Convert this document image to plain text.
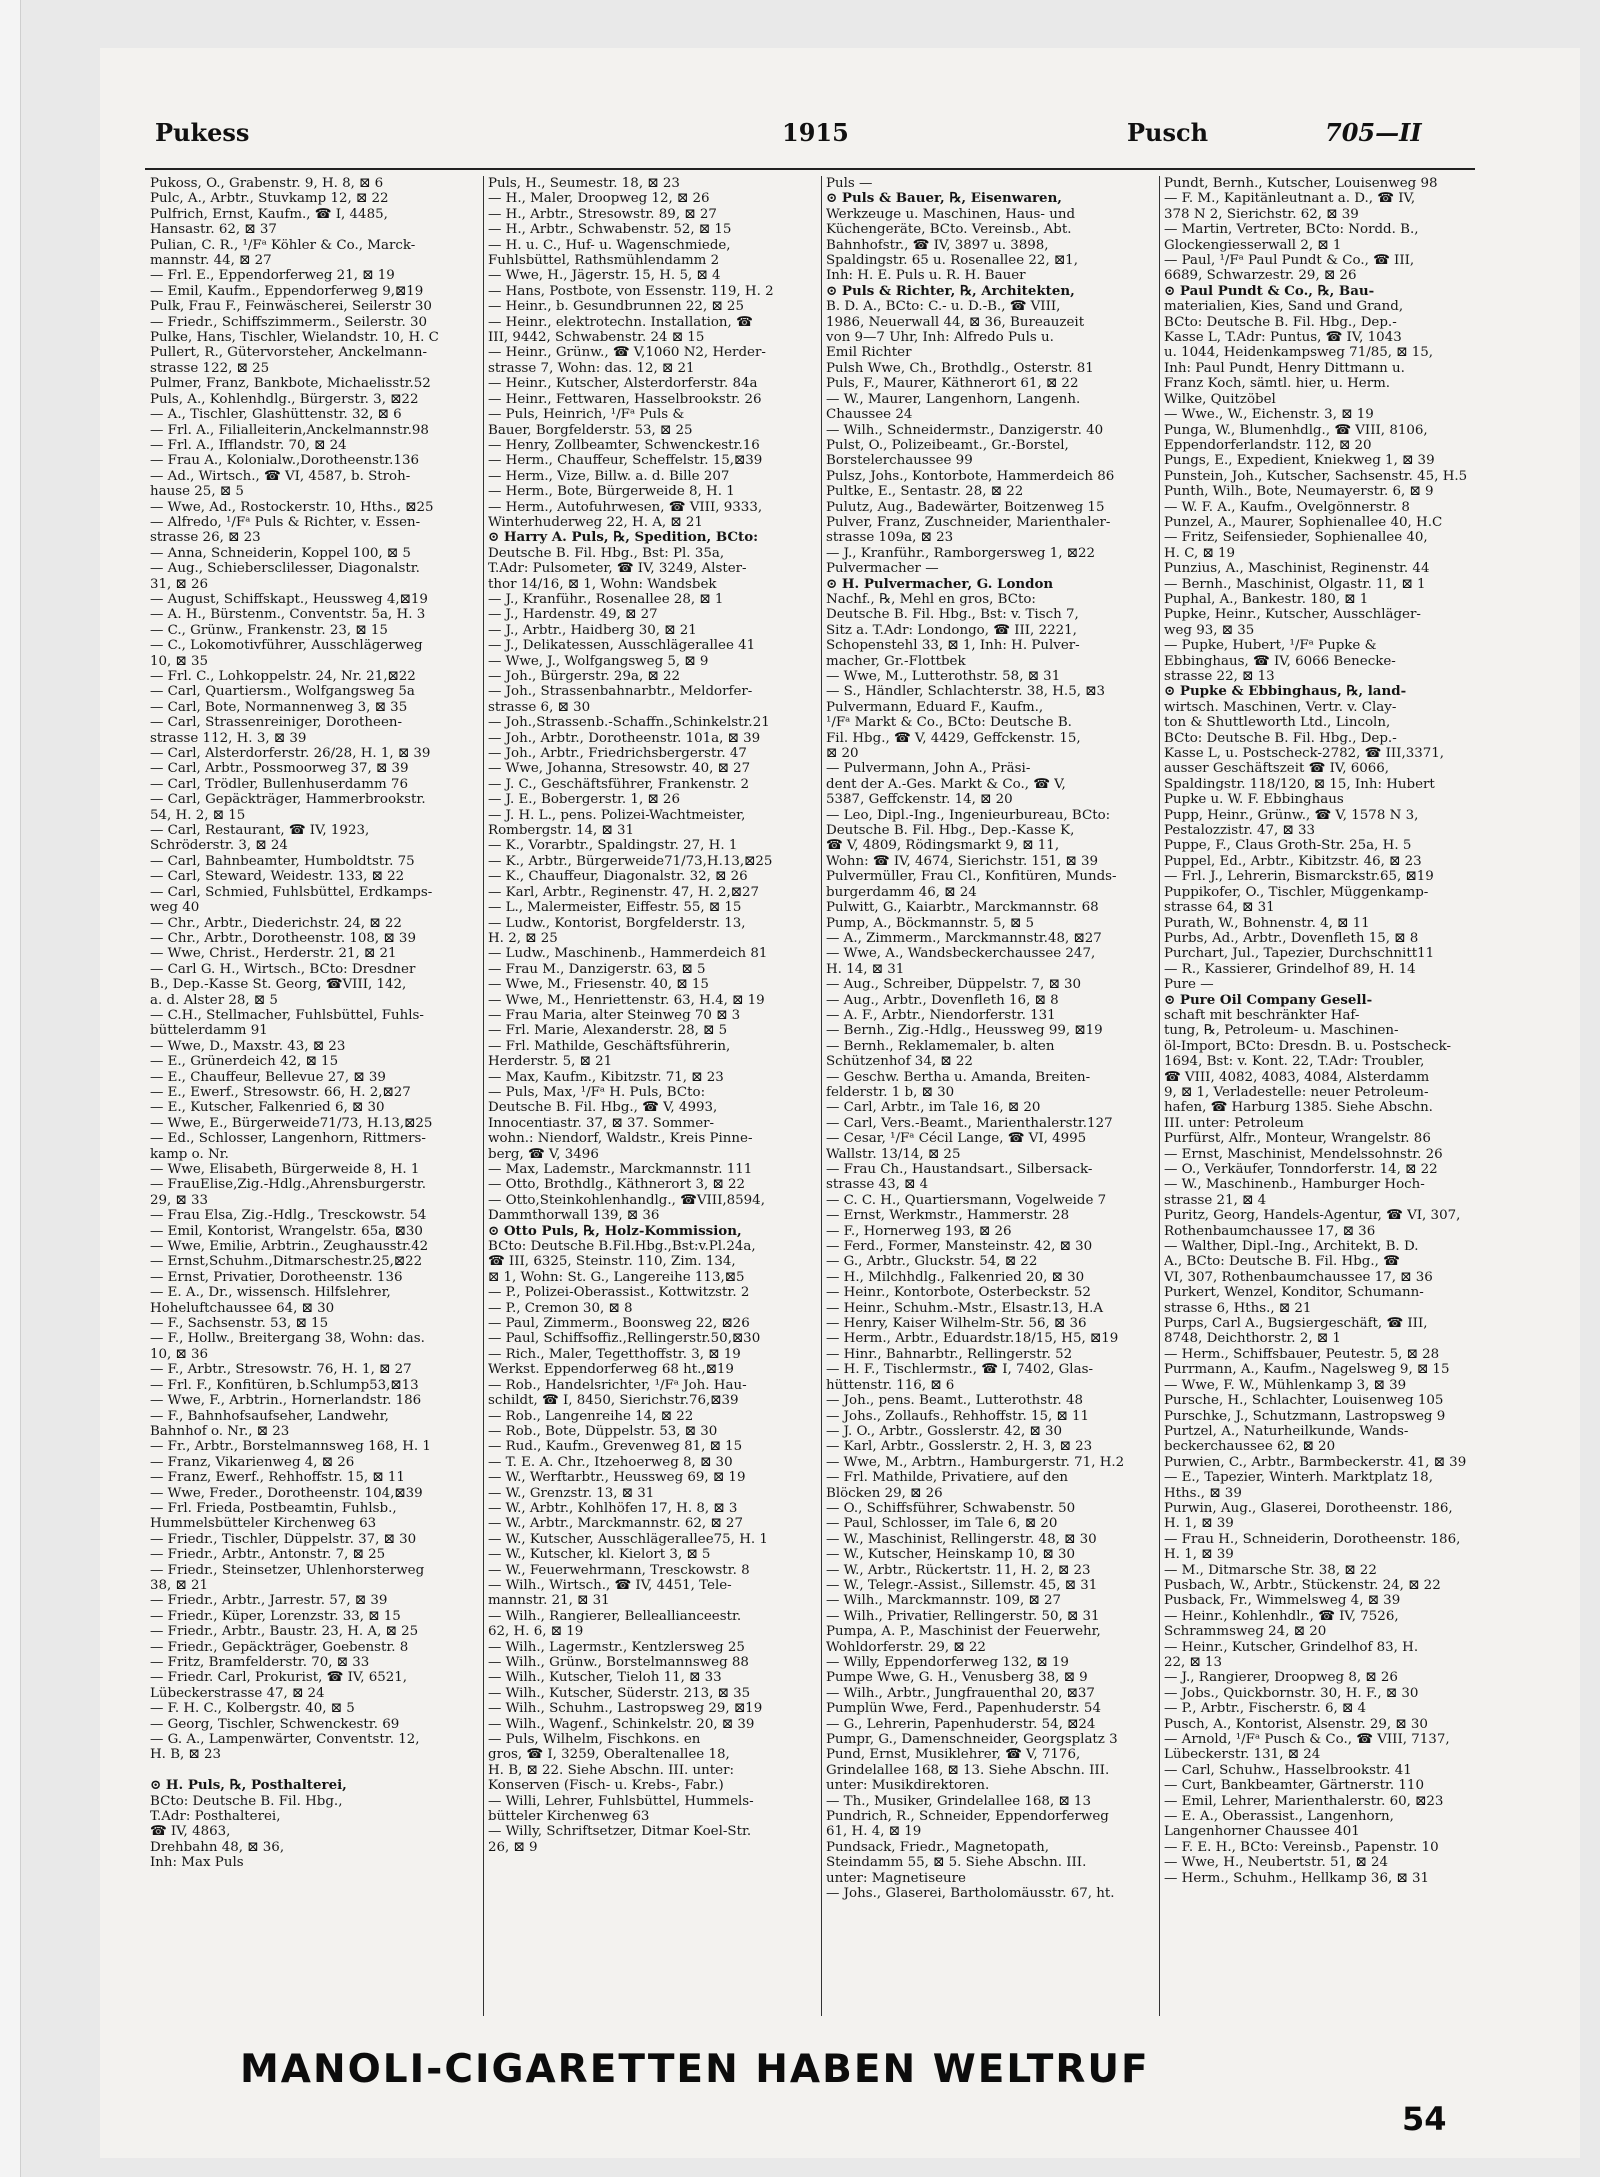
Pukess	1915	Pusch	705—II

Pukoss, O., Grabenstr. 9, H. 8, ⊠ 6

Pulc, A., Arbtr., Stuvkamp 12, ⊠ 22

Pulfrich, Ernst, Kaufm., ☎ I, 4485,

Hansastr. 62, ⊠ 37

Pulian, C. R., ¹/Fᵃ Köhler & Co., Marck-

mannstr. 44, ⊠ 27

— Frl. E., Eppendorferweg 21, ⊠ 19

— Emil, Kaufm., Eppendorferweg 9,⊠19

Pulk, Frau F., Feinwäscherei, Seilerstr 30

— Friedr., Schiffszimmerm., Seilerstr. 30

Pulke, Hans, Tischler, Wielandstr. 10, H. C

Pullert, R., Gütervorsteher, Anckelmann-

strasse 122, ⊠ 25

Pulmer, Franz, Bankbote, Michaelisstr.52

Puls, A., Kohlenhdlg., Bürgerstr. 3, ⊠22

— A., Tischler, Glashüttenstr. 32, ⊠ 6

— Frl. A., Filialleiterin,Anckelmannstr.98

— Frl. A., Ifflandstr. 70, ⊠ 24

— Frau A., Kolonialw.,Dorotheenstr.136

— Ad., Wirtsch., ☎ VI, 4587, b. Stroh-

hause 25, ⊠ 5

— Wwe, Ad., Rostockerstr. 10, Hths., ⊠25

— Alfredo, ¹/Fᵃ Puls & Richter, v. Essen-

strasse 26, ⊠ 23

— Anna, Schneiderin, Koppel 100, ⊠ 5

— Aug., Schiebersclilesser, Diagonalstr.

31, ⊠ 26

— August, Schiffskapt., Heussweg 4,⊠19

— A. H., Bürstenm., Conventstr. 5a, H. 3

— C., Grünw., Frankenstr. 23, ⊠ 15

— C., Lokomotivführer, Ausschlägerweg

10, ⊠ 35

— Frl. C., Lohkoppelstr. 24, Nr. 21,⊠22

— Carl, Quartiersm., Wolfgangsweg 5a

— Carl, Bote, Normannenweg 3, ⊠ 35

— Carl, Strassenreiniger, Dorotheen-

strasse 112, H. 3, ⊠ 39

— Carl, Alsterdorferstr. 26/28, H. 1, ⊠ 39

— Carl, Arbtr., Possmoorweg 37, ⊠ 39

— Carl, Trödler, Bullenhuserdamm 76

— Carl, Gepäckträger, Hammerbrookstr.

54, H. 2, ⊠ 15

— Carl, Restaurant, ☎ IV, 1923,

Schröderstr. 3, ⊠ 24

— Carl, Bahnbeamter, Humboldtstr. 75

— Carl, Steward, Weidestr. 133, ⊠ 22

— Carl, Schmied, Fuhlsbüttel, Erdkamps-

weg 40

— Chr., Arbtr., Diederichstr. 24, ⊠ 22

— Chr., Arbtr., Dorotheenstr. 108, ⊠ 39

— Wwe, Christ., Herderstr. 21, ⊠ 21

— Carl G. H., Wirtsch., BCto: Dresdner

B., Dep.-Kasse St. Georg, ☎VIII, 142,

a. d. Alster 28, ⊠ 5

— C.H., Stellmacher, Fuhlsbüttel, Fuhls-

büttelerdamm 91

— Wwe, D., Maxstr. 43, ⊠ 23

— E., Grünerdeich 42, ⊠ 15

— E., Chauffeur, Bellevue 27, ⊠ 39

— E., Ewerf., Stresowstr. 66, H. 2,⊠27

— E., Kutscher, Falkenried 6, ⊠ 30

— Wwe, E., Bürgerweide71/73, H.13,⊠25

— Ed., Schlosser, Langenhorn, Rittmers-

kamp o. Nr.

— Wwe, Elisabeth, Bürgerweide 8, H. 1

— FrauElise,Zig.-Hdlg.,Ahrensburgerstr.

29, ⊠ 33

— Frau Elsa, Zig.-Hdlg., Tresckowstr. 54

— Emil, Kontorist, Wrangelstr. 65a, ⊠30

— Wwe, Emilie, Arbtrin., Zeughausstr.42

— Ernst,Schuhm.,Ditmarschestr.25,⊠22

— Ernst, Privatier, Dorotheenstr. 136

— E. A., Dr., wissensch. Hilfslehrer,

Hoheluftchaussee 64, ⊠ 30

— F., Sachsenstr. 53, ⊠ 15

— F., Hollw., Breitergang 38, Wohn: das.

10, ⊠ 36

— F., Arbtr., Stresowstr. 76, H. 1, ⊠ 27

— Frl. F., Konfitüren, b.Schlump53,⊠13

— Wwe, F., Arbtrin., Hornerlandstr. 186

— F., Bahnhofsaufseher, Landwehr,

Bahnhof o. Nr., ⊠ 23

— Fr., Arbtr., Borstelmannsweg 168, H. 1

— Franz, Vikarienweg 4, ⊠ 26

— Franz, Ewerf., Rehhoffstr. 15, ⊠ 11

— Wwe, Freder., Dorotheenstr. 104,⊠39

— Frl. Frieda, Postbeamtin, Fuhlsb.,

Hummelsbütteler Kirchenweg 63

— Friedr., Tischler, Düppelstr. 37, ⊠ 30

— Friedr., Arbtr., Antonstr. 7, ⊠ 25

— Friedr., Steinsetzer, Uhlenhorsterweg

38, ⊠ 21

— Friedr., Arbtr., Jarrestr. 57, ⊠ 39

— Friedr., Küper, Lorenzstr. 33, ⊠ 15

— Friedr., Arbtr., Baustr. 23, H. A, ⊠ 25

— Friedr., Gepäckträger, Goebenstr. 8

— Fritz, Bramfelderstr. 70, ⊠ 33

— Friedr. Carl, Prokurist, ☎ IV, 6521,

Lübeckerstrasse 47, ⊠ 24

— F. H. C., Kolbergstr. 40, ⊠ 5

— Georg, Tischler, Schwenckestr. 69

— G. A., Lampenwärter, Conventstr. 12,

H. B, ⊠ 23

⊙ H. Puls, ℞, Posthalterei,

BCto: Deutsche B. Fil. Hbg.,

T.Adr: Posthalterei,

☎ IV, 4863,

Drehbahn 48, ⊠ 36,

Inh: Max Puls

Puls, H., Seumestr. 18, ⊠ 23

— H., Maler, Droopweg 12, ⊠ 26

— H., Arbtr., Stresowstr. 89, ⊠ 27

— H., Arbtr., Schwabenstr. 52, ⊠ 15

— H. u. C., Huf- u. Wagenschmiede,

Fuhlsbüttel, Rathsmühlendamm 2

— Wwe, H., Jägerstr. 15, H. 5, ⊠ 4

— Hans, Postbote, von Essenstr. 119, H. 2

— Heinr., b. Gesundbrunnen 22, ⊠ 25

— Heinr., elektrotechn. Installation, ☎

III, 9442, Schwabenstr. 24 ⊠ 15

— Heinr., Grünw., ☎ V,1060 N2, Herder-

strasse 7, Wohn: das. 12, ⊠ 21

— Heinr., Kutscher, Alsterdorferstr. 84a

— Heinr., Fettwaren, Hasselbrookstr. 26

— Puls, Heinrich, ¹/Fᵃ Puls &

Bauer, Borgfelderstr. 53, ⊠ 25

— Henry, Zollbeamter, Schwenckestr.16

— Herm., Chauffeur, Scheffelstr. 15,⊠39

— Herm., Vize, Billw. a. d. Bille 207

— Herm., Bote, Bürgerweide 8, H. 1

— Herm., Autofuhrwesen, ☎ VIII, 9333,

Winterhuderweg 22, H. A, ⊠ 21

⊙ Harry A. Puls, ℞, Spedition, BCto:

Deutsche B. Fil. Hbg., Bst: Pl. 35a,

T.Adr: Pulsometer, ☎ IV, 3249, Alster-

thor 14/16, ⊠ 1, Wohn: Wandsbek

— J., Kranführ., Rosenallee 28, ⊠ 1

— J., Hardenstr. 49, ⊠ 27

— J., Arbtr., Haidberg 30, ⊠ 21

— J., Delikatessen, Ausschlägerallee 41

— Wwe, J., Wolfgangsweg 5, ⊠ 9

— Joh., Bürgerstr. 29a, ⊠ 22

— Joh., Strassenbahnarbtr., Meldorfer-

strasse 6, ⊠ 30

— Joh.,Strassenb.-Schaffn.,Schinkelstr.21

— Joh., Arbtr., Dorotheenstr. 101a, ⊠ 39

— Joh., Arbtr., Friedrichsbergerstr. 47

— Wwe, Johanna, Stresowstr. 40, ⊠ 27

— J. C., Geschäftsführer, Frankenstr. 2

— J. E., Bobergerstr. 1, ⊠ 26

— J. H. L., pens. Polizei-Wachtmeister,

Rombergstr. 14, ⊠ 31

— K., Vorarbtr., Spaldingstr. 27, H. 1

— K., Arbtr., Bürgerweide71/73,H.13,⊠25

— K., Chauffeur, Diagonalstr. 32, ⊠ 26

— Karl, Arbtr., Reginenstr. 47, H. 2,⊠27

— L., Malermeister, Eiffestr. 55, ⊠ 15

— Ludw., Kontorist, Borgfelderstr. 13,

H. 2, ⊠ 25

— Ludw., Maschinenb., Hammerdeich 81

— Frau M., Danzigerstr. 63, ⊠ 5

— Wwe, M., Friesenstr. 40, ⊠ 15

— Wwe, M., Henriettenstr. 63, H.4, ⊠ 19

— Frau Maria, alter Steinweg 70 ⊠ 3

— Frl. Marie, Alexanderstr. 28, ⊠ 5

— Frl. Mathilde, Geschäftsführerin,

Herderstr. 5, ⊠ 21

— Max, Kaufm., Kibitzstr. 71, ⊠ 23

— Puls, Max, ¹/Fᵃ H. Puls, BCto:

Deutsche B. Fil. Hbg., ☎ V, 4993,

Innocentiastr. 37, ⊠ 37. Sommer-

wohn.: Niendorf, Waldstr., Kreis Pinne-

berg, ☎ V, 3496

— Max, Lademstr., Marckmannstr. 111

— Otto, Brothdlg., Käthnerort 3, ⊠ 22

— Otto,Steinkohlenhandlg., ☎VIII,8594,

Dammthorwall 139, ⊠ 36

⊙ Otto Puls, ℞, Holz-Kommission,

BCto: Deutsche B.Fil.Hbg.,Bst:v.Pl.24a,

☎ III, 6325, Steinstr. 110, Zim. 134,

⊠ 1, Wohn: St. G., Langereihe 113,⊠5

— P., Polizei-Oberassist., Kottwitzstr. 2

— P., Cremon 30, ⊠ 8

— Paul, Zimmerm., Boonsweg 22, ⊠26

— Paul, Schiffsoffiz.,Rellingerstr.50,⊠30

— Rich., Maler, Tegetthoffstr. 3, ⊠ 19

Werkst. Eppendorferweg 68 ht.,⊠19

— Rob., Handelsrichter, ¹/Fᵃ Joh. Hau-

schildt, ☎ I, 8450, Sierichstr.76,⊠39

— Rob., Langenreihe 14, ⊠ 22

— Rob., Bote, Düppelstr. 53, ⊠ 30

— Rud., Kaufm., Grevenweg 81, ⊠ 15

— T. E. A. Chr., Itzehoerweg 8, ⊠ 30

— W., Werftarbtr., Heussweg 69, ⊠ 19

— W., Grenzstr. 13, ⊠ 31

— W., Arbtr., Kohlhöfen 17, H. 8, ⊠ 3

— W., Arbtr., Marckmannstr. 62, ⊠ 27

— W., Kutscher, Ausschlägerallee75, H. 1

— W., Kutscher, kl. Kielort 3, ⊠ 5

— W., Feuerwehrmann, Tresckowstr. 8

— Wilh., Wirtsch., ☎ IV, 4451, Tele-

mannstr. 21, ⊠ 31

— Wilh., Rangierer, Belleallianceestr.

62, H. 6, ⊠ 19

— Wilh., Lagermstr., Kentzlersweg 25

— Wilh., Grünw., Borstelmannsweg 88

— Wilh., Kutscher, Tieloh 11, ⊠ 33

— Wilh., Kutscher, Süderstr. 213, ⊠ 35

— Wilh., Schuhm., Lastropsweg 29, ⊠19

— Wilh., Wagenf., Schinkelstr. 20, ⊠ 39

— Puls, Wilhelm, Fischkons. en

gros, ☎ I, 3259, Oberaltenallee 18,

H. B, ⊠ 22. Siehe Abschn. III. unter:

Konserven (Fisch- u. Krebs-, Fabr.)

— Willi, Lehrer, Fuhlsbüttel, Hummels-

bütteler Kirchenweg 63

— Willy, Schriftsetzer, Ditmar Koel-Str.

26, ⊠ 9

Puls —

⊙ Puls & Bauer, ℞, Eisenwaren,

Werkzeuge u. Maschinen, Haus- und

Küchengeräte, BCto. Vereinsb., Abt.

Bahnhofstr., ☎ IV, 3897 u. 3898,

Spaldingstr. 65 u. Rosenallee 22, ⊠1,

Inh: H. E. Puls u. R. H. Bauer

⊙ Puls & Richter, ℞, Architekten,

B. D. A., BCto: C.- u. D.-B., ☎ VIII,

1986, Neuerwall 44, ⊠ 36, Bureauzeit

von 9—7 Uhr, Inh: Alfredo Puls u.

Emil Richter

Pulsh Wwe, Ch., Brothdlg., Osterstr. 81

Puls, F., Maurer, Käthnerort 61, ⊠ 22

— W., Maurer, Langenhorn, Langenh.

Chaussee 24

— Wilh., Schneidermstr., Danzigerstr. 40

Pulst, O., Polizeibeamt., Gr.-Borstel,

Borstelerchaussee 99

Pulsz, Johs., Kontorbote, Hammerdeich 86

Pultke, E., Sentastr. 28, ⊠ 22

Pulutz, Aug., Badewärter, Boitzenweg 15

Pulver, Franz, Zuschneider, Marienthaler-

strasse 109a, ⊠ 23

— J., Kranführ., Ramborgersweg 1, ⊠22

Pulvermacher —

⊙ H. Pulvermacher, G. London

Nachf., ℞, Mehl en gros, BCto:

Deutsche B. Fil. Hbg., Bst: v. Tisch 7,

Sitz a. T.Adr: Londongo, ☎ III, 2221,

Schopenstehl 33, ⊠ 1, Inh: H. Pulver-

macher, Gr.-Flottbek

— Wwe, M., Lutterothstr. 58, ⊠ 31

— S., Händler, Schlachterstr. 38, H.5, ⊠3

Pulvermann, Eduard F., Kaufm.,

¹/Fᵃ Markt & Co., BCto: Deutsche B.

Fil. Hbg., ☎ V, 4429, Geffckenstr. 15,

⊠ 20

— Pulvermann, John A., Präsi-

dent der A.-Ges. Markt & Co., ☎ V,

5387, Geffckenstr. 14, ⊠ 20

— Leo, Dipl.-Ing., Ingenieurbureau, BCto:

Deutsche B. Fil. Hbg., Dep.-Kasse K,

☎ V, 4809, Rödingsmarkt 9, ⊠ 11,

Wohn: ☎ IV, 4674, Sierichstr. 151, ⊠ 39

Pulvermüller, Frau Cl., Konfitüren, Munds-

burgerdamm 46, ⊠ 24

Pulwitt, G., Kaiarbtr., Marckmannstr. 68

Pump, A., Böckmannstr. 5, ⊠ 5

— A., Zimmerm., Marckmannstr.48, ⊠27

— Wwe, A., Wandsbeckerchaussee 247,

H. 14, ⊠ 31

— Aug., Schreiber, Düppelstr. 7, ⊠ 30

— Aug., Arbtr., Dovenfleth 16, ⊠ 8

— A. F., Arbtr., Niendorferstr. 131

— Bernh., Zig.-Hdlg., Heussweg 99, ⊠19

— Bernh., Reklamemaler, b. alten

Schützenhof 34, ⊠ 22

— Geschw. Bertha u. Amanda, Breiten-

felderstr. 1 b, ⊠ 30

— Carl, Arbtr., im Tale 16, ⊠ 20

— Carl, Vers.-Beamt., Marienthalerstr.127

— Cesar, ¹/Fᵃ Cécil Lange, ☎ VI, 4995

Wallstr. 13/14, ⊠ 25

— Frau Ch., Haustandsart., Silbersack-

strasse 43, ⊠ 4

— C. C. H., Quartiersmann, Vogelweide 7

— Ernst, Werkmstr., Hammerstr. 28

— F., Hornerweg 193, ⊠ 26

— Ferd., Former, Mansteinstr. 42, ⊠ 30

— G., Arbtr., Gluckstr. 54, ⊠ 22

— H., Milchhdlg., Falkenried 20, ⊠ 30

— Heinr., Kontorbote, Osterbeckstr. 52

— Heinr., Schuhm.-Mstr., Elsastr.13, H.A

— Henry, Kaiser Wilhelm-Str. 56, ⊠ 36

— Herm., Arbtr., Eduardstr.18/15, H5, ⊠19

— Hinr., Bahnarbtr., Rellingerstr. 52

— H. F., Tischlermstr., ☎ I, 7402, Glas-

hüttenstr. 116, ⊠ 6

— Joh., pens. Beamt., Lutterothstr. 48

— Johs., Zollaufs., Rehhoffstr. 15, ⊠ 11

— J. O., Arbtr., Gosslerstr. 42, ⊠ 30

— Karl, Arbtr., Gosslerstr. 2, H. 3, ⊠ 23

— Wwe, M., Arbtrn., Hamburgerstr. 71, H.2

— Frl. Mathilde, Privatiere, auf den

Blöcken 29, ⊠ 26

— O., Schiffsführer, Schwabenstr. 50

— Paul, Schlosser, im Tale 6, ⊠ 20

— W., Maschinist, Rellingerstr. 48, ⊠ 30

— W., Kutscher, Heinskamp 10, ⊠ 30

— W., Arbtr., Rückertstr. 11, H. 2, ⊠ 23

— W., Telegr.-Assist., Sillemstr. 45, ⊠ 31

— Wilh., Marckmannstr. 109, ⊠ 27

— Wilh., Privatier, Rellingerstr. 50, ⊠ 31

Pumpa, A. P., Maschinist der Feuerwehr,

Wohldorferstr. 29, ⊠ 22

— Willy, Eppendorferweg 132, ⊠ 19

Pumpe Wwe, G. H., Venusberg 38, ⊠ 9

— Wilh., Arbtr., Jungfrauenthal 20, ⊠37

Pumplün Wwe, Ferd., Papenhuderstr. 54

— G., Lehrerin, Papenhuderstr. 54, ⊠24

Pumpr, G., Damenschneider, Georgsplatz 3

Pund, Ernst, Musiklehrer, ☎ V, 7176,

Grindelallee 168, ⊠ 13. Siehe Abschn. III.

unter: Musikdirektoren.

— Th., Musiker, Grindelallee 168, ⊠ 13

Pundrich, R., Schneider, Eppendorferweg

61, H. 4, ⊠ 19

Pundsack, Friedr., Magnetopath,

Steindamm 55, ⊠ 5. Siehe Abschn. III.

unter: Magnetiseure

— Johs., Glaserei, Bartholomäusstr. 67, ht.

Pundt, Bernh., Kutscher, Louisenweg 98

— F. M., Kapitänleutnant a. D., ☎ IV,

378 N 2, Sierichstr. 62, ⊠ 39

— Martin, Vertreter, BCto: Nordd. B.,

Glockengiesserwall 2, ⊠ 1

— Paul, ¹/Fᵃ Paul Pundt & Co., ☎ III,

6689, Schwarzestr. 29, ⊠ 26

⊙ Paul Pundt & Co., ℞, Bau-

materialien, Kies, Sand und Grand,

BCto: Deutsche B. Fil. Hbg., Dep.-

Kasse L, T.Adr: Puntus, ☎ IV, 1043

u. 1044, Heidenkampsweg 71/85, ⊠ 15,

Inh: Paul Pundt, Henry Dittmann u.

Franz Koch, sämtl. hier, u. Herm.

Wilke, Quitzöbel

— Wwe., W., Eichenstr. 3, ⊠ 19

Punga, W., Blumenhdlg., ☎ VIII, 8106,

Eppendorferlandstr. 112, ⊠ 20

Pungs, E., Expedient, Kniekweg 1, ⊠ 39

Punstein, Joh., Kutscher, Sachsenstr. 45, H.5

Punth, Wilh., Bote, Neumayerstr. 6, ⊠ 9

— W. F. A., Kaufm., Ovelgönnerstr. 8

Punzel, A., Maurer, Sophienallee 40, H.C

— Fritz, Seifensieder, Sophienallee 40,

H. C, ⊠ 19

Punzius, A., Maschinist, Reginenstr. 44

— Bernh., Maschinist, Olgastr. 11, ⊠ 1

Puphal, A., Bankestr. 180, ⊠ 1

Pupke, Heinr., Kutscher, Ausschläger-

weg 93, ⊠ 35

— Pupke, Hubert, ¹/Fᵃ Pupke &

Ebbinghaus, ☎ IV, 6066 Benecke-

strasse 22, ⊠ 13

⊙ Pupke & Ebbinghaus, ℞, land-

wirtsch. Maschinen, Vertr. v. Clay-

ton & Shuttleworth Ltd., Lincoln,

BCto: Deutsche B. Fil. Hbg., Dep.-

Kasse L, u. Postscheck-2782, ☎ III,3371,

ausser Geschäftszeit ☎ IV, 6066,

Spaldingstr. 118/120, ⊠ 15, Inh: Hubert

Pupke u. W. F. Ebbinghaus

Pupp, Heinr., Grünw., ☎ V, 1578 N 3,

Pestalozzistr. 47, ⊠ 33

Puppe, F., Claus Groth-Str. 25a, H. 5

Puppel, Ed., Arbtr., Kibitzstr. 46, ⊠ 23

— Frl. J., Lehrerin, Bismarckstr.65, ⊠19

Puppikofer, O., Tischler, Müggenkamp-

strasse 64, ⊠ 31

Purath, W., Bohnenstr. 4, ⊠ 11

Purbs, Ad., Arbtr., Dovenfleth 15, ⊠ 8

Purchart, Jul., Tapezier, Durchschnitt11

— R., Kassierer, Grindelhof 89, H. 14

Pure —

⊙ Pure Oil Company Gesell-

schaft mit beschränkter Haf-

tung, ℞, Petroleum- u. Maschinen-

öl-Import, BCto: Dresdn. B. u. Postscheck-

1694, Bst: v. Kont. 22, T.Adr: Troubler,

☎ VIII, 4082, 4083, 4084, Alsterdamm

9, ⊠ 1, Verladestelle: neuer Petroleum-

hafen, ☎ Harburg 1385. Siehe Abschn.

III. unter: Petroleum

Purfürst, Alfr., Monteur, Wrangelstr. 86

— Ernst, Maschinist, Mendelssohnstr. 26

— O., Verkäufer, Tonndorferstr. 14, ⊠ 22

— W., Maschinenb., Hamburger Hoch-

strasse 21, ⊠ 4

Puritz, Georg, Handels-Agentur, ☎ VI, 307,

Rothenbaumchaussee 17, ⊠ 36

— Walther, Dipl.-Ing., Architekt, B. D.

A., BCto: Deutsche B. Fil. Hbg., ☎

VI, 307, Rothenbaumchaussee 17, ⊠ 36

Purkert, Wenzel, Konditor, Schumann-

strasse 6, Hths., ⊠ 21

Purps, Carl A., Bugsiergeschäft, ☎ III,

8748, Deichthorstr. 2, ⊠ 1

— Herm., Schiffsbauer, Peutestr. 5, ⊠ 28

Purrmann, A., Kaufm., Nagelsweg 9, ⊠ 15

— Wwe, F. W., Mühlenkamp 3, ⊠ 39

Pursche, H., Schlachter, Louisenweg 105

Purschke, J., Schutzmann, Lastropsweg 9

Purtzel, A., Naturheilkunde, Wands-

beckerchaussee 62, ⊠ 20

Purwien, C., Arbtr., Barmbeckerstr. 41, ⊠ 39

— E., Tapezier, Winterh. Marktplatz 18,

Hths., ⊠ 39

Purwin, Aug., Glaserei, Dorotheenstr. 186,

H. 1, ⊠ 39

— Frau H., Schneiderin, Dorotheenstr. 186,

H. 1, ⊠ 39

— M., Ditmarsche Str. 38, ⊠ 22

Pusbach, W., Arbtr., Stückenstr. 24, ⊠ 22

Pusback, Fr., Wimmelsweg 4, ⊠ 39

— Heinr., Kohlenhdlr., ☎ IV, 7526,

Schrammsweg 24, ⊠ 20

— Heinr., Kutscher, Grindelhof 83, H.

22, ⊠ 13

— J., Rangierer, Droopweg 8, ⊠ 26

— Jobs., Quickbornstr. 30, H. F., ⊠ 30

— P., Arbtr., Fischerstr. 6, ⊠ 4

Pusch, A., Kontorist, Alsenstr. 29, ⊠ 30

— Arnold, ¹/Fᵃ Pusch & Co., ☎ VIII, 7137,

Lübeckerstr. 131, ⊠ 24

— Carl, Schuhw., Hasselbrookstr. 41

— Curt, Bankbeamter, Gärtnerstr. 110

— Emil, Lehrer, Marienthalerstr. 60, ⊠23

— E. A., Oberassist., Langenhorn,

Langenhorner Chaussee 401

— F. E. H., BCto: Vereinsb., Papenstr. 10

— Wwe, H., Neubertstr. 51, ⊠ 24

— Herm., Schuhm., Hellkamp 36, ⊠ 31

MANOLI-CIGARETTEN HABEN WELTRUF
54
